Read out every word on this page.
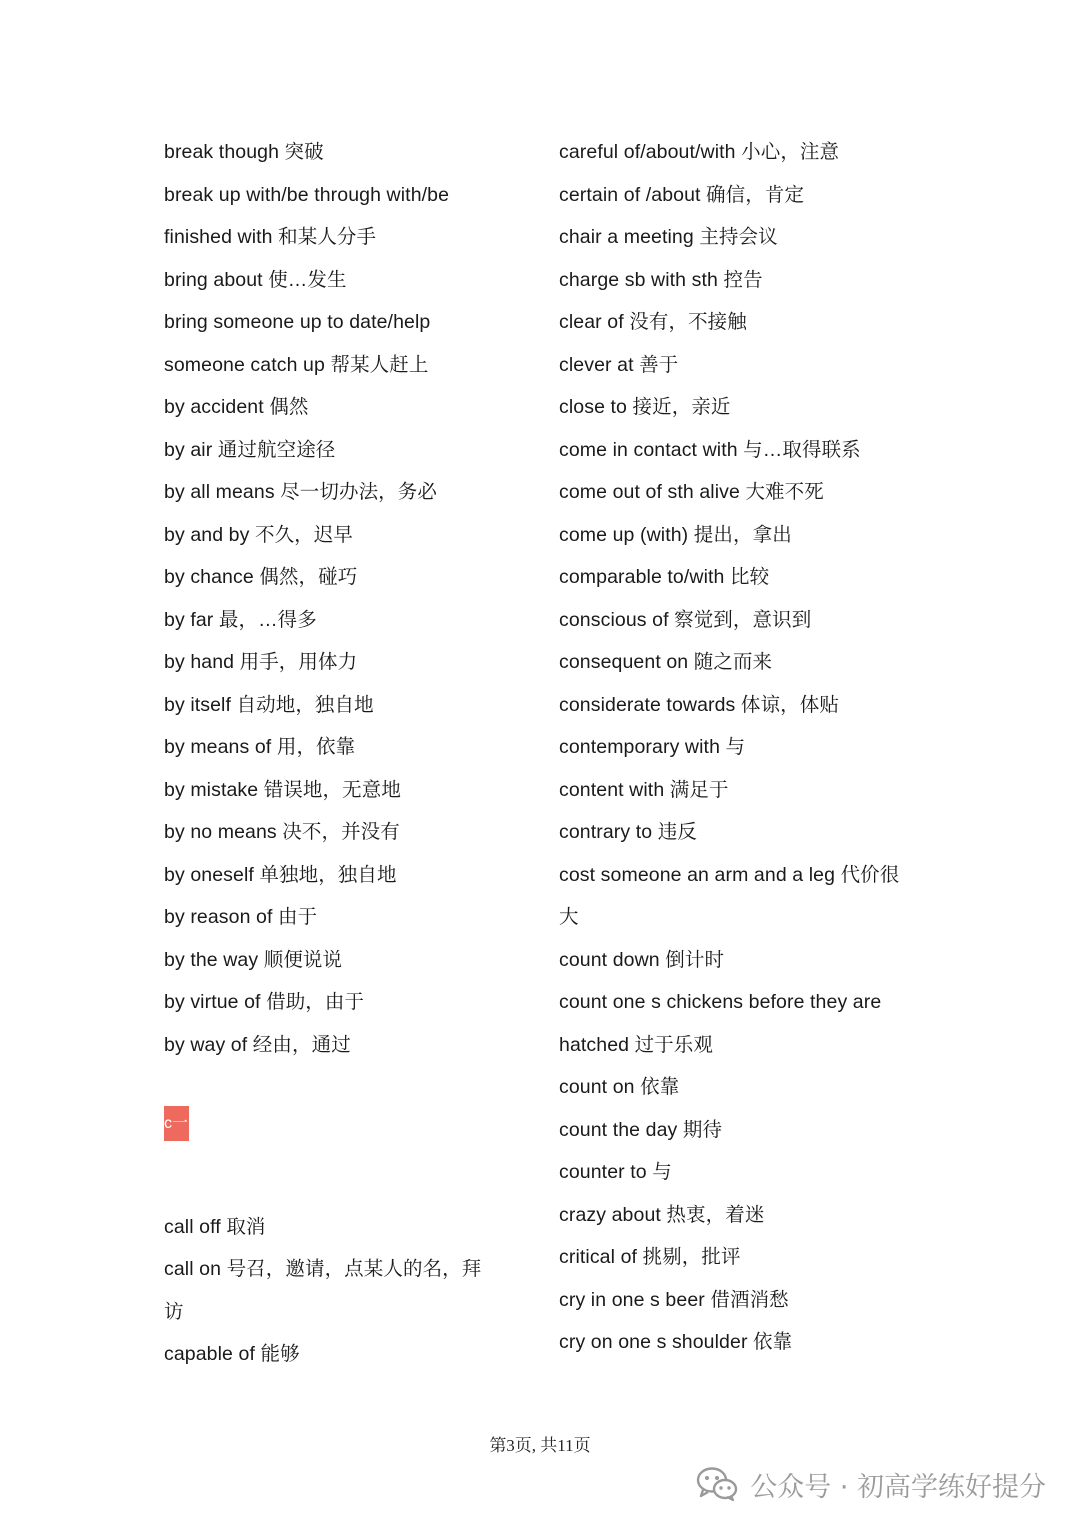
break though 突破
break up with/be through with/be
finished with 和某人分手
bring about 使…发生
bring someone up to date/help
someone catch up 帮某人赶上
by accident 偶然
by air 通过航空途径
by all means 尽一切办法，务必
by and by 不久，迟早
by chance 偶然，碰巧
by far 最，…得多
by hand 用手，用体力
by itself 自动地，独自地
by means of 用，依靠
by mistake 错误地，无意地
by no means 决不，并没有
by oneself 单独地，独自地
by reason of 由于
by the way 顺便说说
by virtue of 借助，由于
by way of 经由，通过
c一
call off 取消
call on 号召，邀请，点某人的名，拜
访
capable of 能够
careful of/about/with 小心，注意
certain of /about 确信，肯定
chair a meeting 主持会议
charge sb with sth 控告
clear of 没有，不接触
clever at 善于
close to 接近，亲近
come in contact with 与…取得联系
come out of sth alive 大难不死
come up (with) 提出，拿出
comparable to/with 比较
conscious of 察觉到，意识到
consequent on 随之而来
considerate towards 体谅，体贴
contemporary with 与
content with 满足于
contrary to 违反
cost someone an arm and a leg 代价很
大
count down 倒计时
count one s chickens before they are
hatched 过于乐观
count on 依靠
count the day 期待
counter to 与
crazy about 热衷，着迷
critical of 挑剔，批评
cry in one s beer 借酒消愁
cry on one s shoulder 依靠
第3页, 共11页
公众号 · 初高学练好提分
